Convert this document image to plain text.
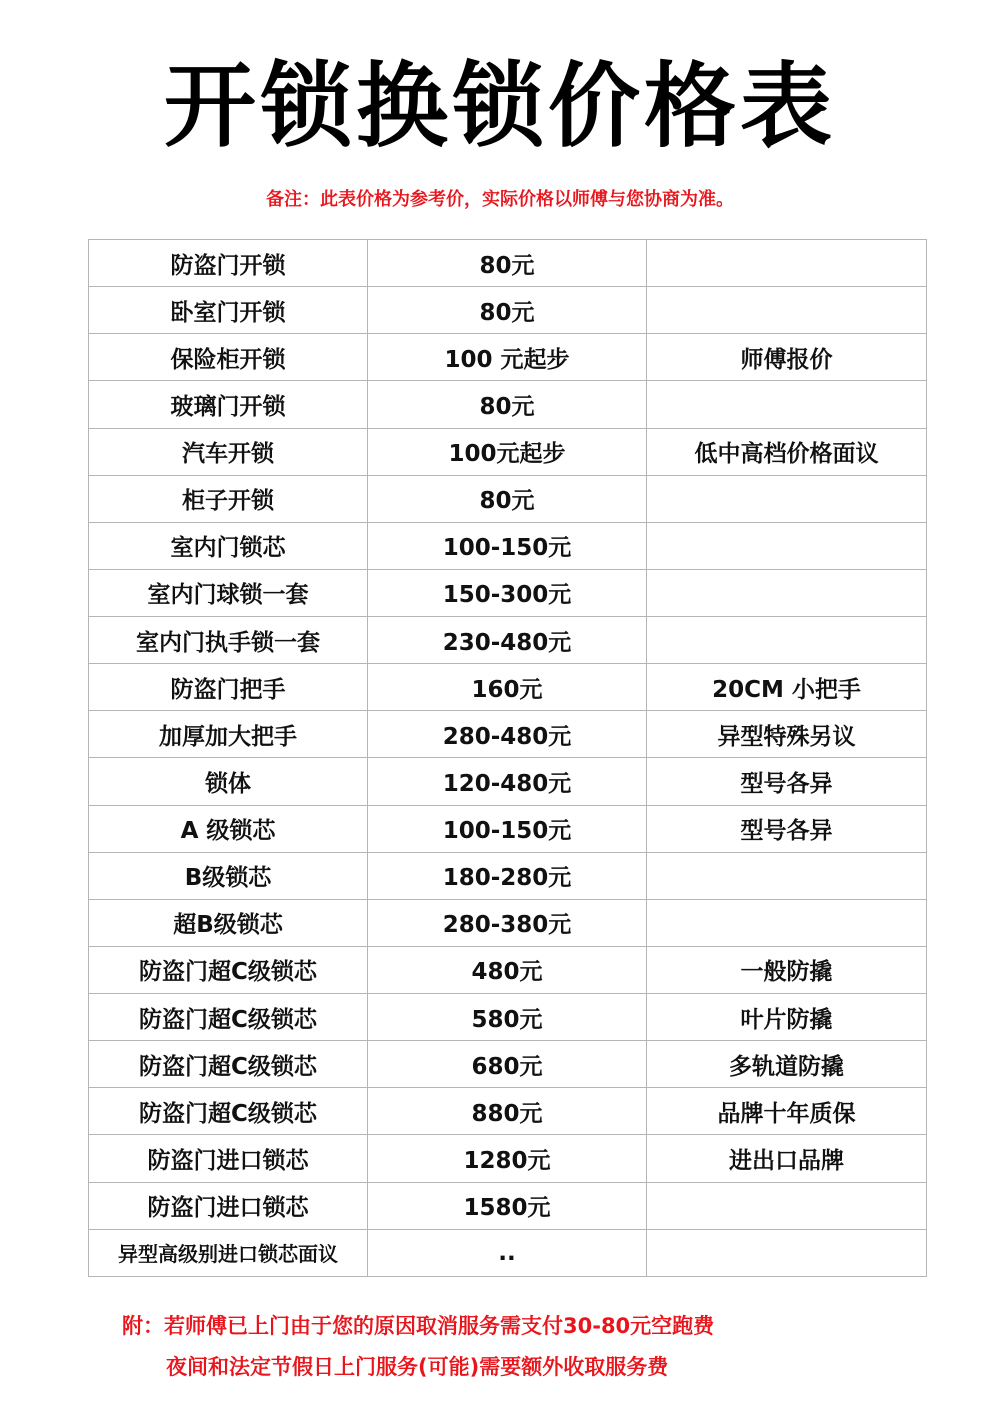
开锁换锁价格表
备注：此表价格为参考价，实际价格以师傅与您协商为准。
防盗门开锁	80元	
卧室门开锁	80元	
保险柜开锁	100 元起步	师傅报价
玻璃门开锁	80元	
汽车开锁	100元起步	低中高档价格面议
柜子开锁	80元	
室内门锁芯	100-150元	
室内门球锁一套	150-300元	
室内门执手锁一套	230-480元	
防盗门把手	160元	20CM 小把手
加厚加大把手	280-480元	异型特殊另议
锁体	120-480元	型号各异
A 级锁芯	100-150元	型号各异
B级锁芯	180-280元	
超B级锁芯	280-380元	
防盗门超C级锁芯	480元	一般防撬
防盗门超C级锁芯	580元	叶片防撬
防盗门超C级锁芯	680元	多轨道防撬
防盗门超C级锁芯	880元	品牌十年质保
防盗门进口锁芯	1280元	进出口品牌
防盗门进口锁芯	1580元	
异型高级别进口锁芯面议	..	
附：若师傅已上门由于您的原因取消服务需支付30-80元空跑费
夜间和法定节假日上门服务(可能)需要额外收取服务费
